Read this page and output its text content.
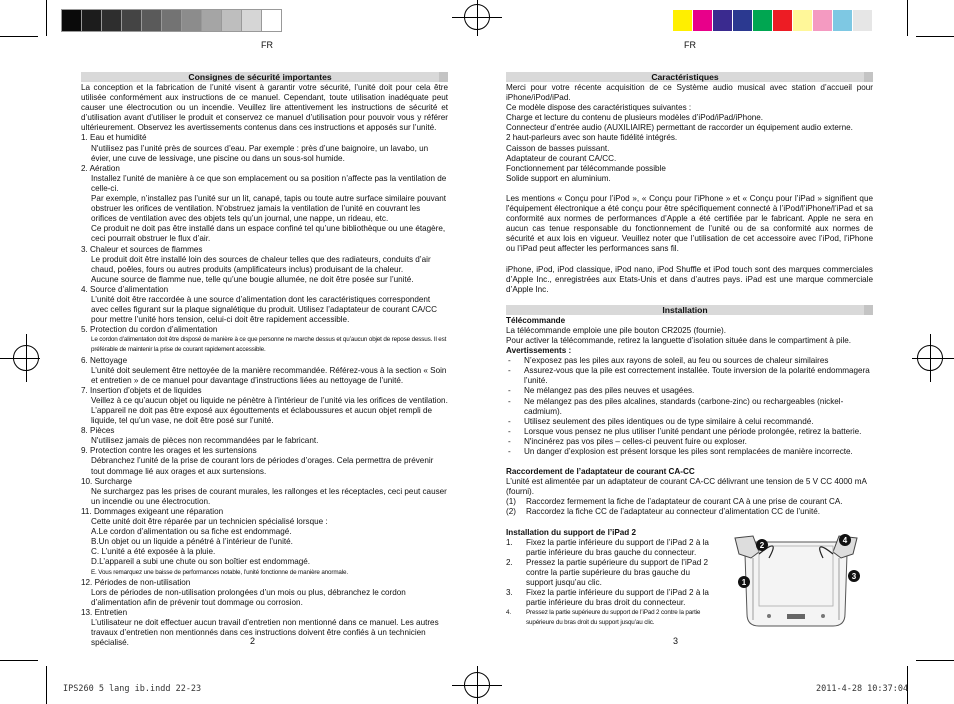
FR	FR
Consignes de sécurité importantes

La conception et la fabrication de l’unité visent à garantir votre sécurité, l’unité doit pour cela être utilisée conformément aux instructions de ce manuel. Cependant, toute utilisation inadéquate peut causer une électrocution ou un incendie. Veuillez lire attentivement les instructions de sécurité et d’utilisation avant d’utiliser le produit et conservez ce manuel d’utilisation pour pouvoir vous y référer ultérieurement. Observez les avertissements contenus dans ces instructions et apposés sur l’unité.

1. Eau et humidité
N'utilisez pas l’unité près de sources d’eau. Par exemple : près d’une baignoire, un lavabo, un évier, une cuve de lessivage, une piscine ou dans un sous-sol humide.
2. Aération
Installez l’unité de manière à ce que son emplacement ou sa position n’affecte pas la ventilation de celle-ci.
Par exemple, n’installez pas l’unité sur un lit, canapé, tapis ou toute autre surface similaire pouvant obstruer les orifices de ventilation. N’obstruez jamais la ventilation de l’unité en couvrant les orifices de ventilation avec des objets tels qu’un journal, une nappe, un rideau, etc.
Ce produit ne doit pas être installé dans un espace confiné tel qu’une bibliothèque ou une étagère, ceci pourrait obstruer le flux d’air.
3. Chaleur et sources de flammes
Le produit doit être installé loin des sources de chaleur telles que des radiateurs, conduits d’air chaud, poêles, fours ou autres produits (amplificateurs inclus) produisant de la chaleur.
Aucune source de flamme nue, telle qu’une bougie allumée, ne doit être posée sur l’unité.
4. Source d’alimentation
L’unité doit être raccordée à une source d’alimentation dont les caractéristiques correspondent avec celles figurant sur la plaque signalétique du produit. Utilisez l’adaptateur de courant CA/CC pour mettre l’unité hors tension, celui-ci doit être rapidement accessible.
5. Protection du cordon d’alimentation
Le cordon d’alimentation doit être disposé de manière à ce que personne ne marche dessus et qu’aucun objet de repose dessus. Il est préférable de maintenir la prise de courant rapidement accessible.
6. Nettoyage
L’unité doit seulement être nettoyée de la manière recommandée. Référez-vous à la section « Soin et entretien » de ce manuel pour davantage d’instructions liées au nettoyage de l’unité.
7. Insertion d’objets et de liquides
Veillez à ce qu’aucun objet ou liquide ne pénètre à l’intérieur de l’unité via les orifices de ventilation. L’appareil ne doit pas être exposé aux égouttements et éclaboussures et aucun objet rempli de liquide, tel qu’un vase, ne doit être posé sur l’unité.
8. Pièces
N'utilisez jamais de pièces non recommandées par le fabricant.
9. Protection contre les orages et les surtensions
Débranchez l’unité de la prise de courant lors de périodes d’orages. Cela permettra de prévenir tout dommage lié aux orages et aux surtensions.
10. Surcharge
Ne surchargez pas les prises de courant murales, les rallonges et les réceptacles, ceci peut causer un incendie ou une électrocution.
11. Dommages exigeant une réparation
Cette unité doit être réparée par un technicien spécialisé lorsque :
A.Le cordon d’alimentation ou sa fiche est endommagé.
B.Un objet ou un liquide a pénétré à l’intérieur de l’unité.
C. L’unité a été exposée à la pluie.
D.L’appareil a subi une chute ou son boîtier est endommagé.
E. Vous remarquez une baisse de performances notable, l’unité fonctionne de manière anormale.
12. Périodes de non-utilisation
Lors de périodes de non-utilisation prolongées d’un mois ou plus, débranchez le cordon d’alimentation afin de prévenir tout dommage ou corrosion.
13. Entretien
L’utilisateur ne doit effectuer aucun travail d’entretien non mentionné dans ce manuel. Les autres travaux d’entretien non mentionnés dans ces instructions doivent être confiés à un technicien spécialisé.	2
Caractéristiques

Merci pour votre récente acquisition de ce Système audio musical avec station d’accueil pour iPhone/iPod/iPad.

Ce modèle dispose des caractéristiques suivantes :
Charge et lecture du contenu de plusieurs modèles d’iPod/iPad/iPhone.
Connecteur d’entrée audio (AUXILIAIRE) permettant de raccorder un équipement audio externe.
2 haut-parleurs avec son haute fidélité intégrés.
Caisson de basses puissant.
Adaptateur de courant CA/CC.
Fonctionnement par télécommande possible
Solide support en aluminium.

Les mentions « Conçu pour l’iPod », « Conçu pour l’iPhone » et « Conçu pour l’iPad » signifient que l'équipement électronique a été conçu pour être spécifiquement connecté à l’iPod/l’iPhone/l’iPad et sa conformité aux normes de performances d’Apple a été certifiée par le fabricant. Apple ne sera en aucun cas tenue responsable du fonctionnement de l’unité ou de sa conformité aux normes de sécurité et aux lois en vigueur. Veuillez noter que l’utilisation de cet accessoire avec l’iPod, l’iPhone ou l’iPad peut affecter les performances sans fil.

iPhone, iPod, iPod classique, iPod nano, iPod Shuffle et iPod touch sont des marques commerciales d’Apple Inc., enregistrées aux Etats-Unis et dans d’autres pays. iPad est une marque commerciale d’Apple Inc.

Installation
Télécommande
La télécommande emploie une pile bouton CR2025 (fournie).
Pour activer la télécommande, retirez la languette d’isolation située dans le compartiment à pile.
Avertissements :
-	N’exposez pas les piles aux rayons de soleil, au feu ou sources de chaleur similaires
-	Assurez-vous que la pile est correctement installée. Toute inversion de la polarité endommagera l’unité.
-	Ne mélangez pas des piles neuves et usagées.
-	Ne mélangez pas des piles alcalines, standards (carbone-zinc) ou rechargeables (nickel-cadmium).
-	Utilisez seulement des piles identiques ou de type similaire à celui recommandé.
-	Lorsque vous pensez ne plus utiliser l’unité pendant une période prolongée, retirez la batterie.
-	N'incinérez pas vos piles – celles-ci peuvent fuire ou exploser.
-	Un danger d’explosion est présent lorsque les piles sont remplacées de manière incorrecte.
Raccordement de l’adaptateur de courant CA-CC

L’unité est alimentée par un adaptateur de courant CA-CC délivrant une tension de 5 V CC 4000 mA (fourni).

(1)	Raccordez fermement la fiche de l’adaptateur de courant CA à une prise de courant CA.
(2)	Raccordez la fiche CC de l’adaptateur au connecteur d’alimentation CC de l’unité.
Installation du support de l’iPad 2
1.	Fixez la partie inférieure du support de l’iPad 2 à la partie inférieure du bras gauche du connecteur.
2.	Pressez la partie supérieure du support de l’iPad 2 contre la partie supérieure du bras gauche du support jusqu’au clic.
3.	Fixez la partie inférieure du support de l’iPad 2 à la partie inférieure du bras droit du connecteur.
4.	Pressez la partie supérieure du support de l’iPad 2 contre la partie supérieure du bras droit du support jusqu’au clic.
3
2
4
1
3
IPS260 5 lang ib.indd 22-23	2011-4-28 10:37:04
